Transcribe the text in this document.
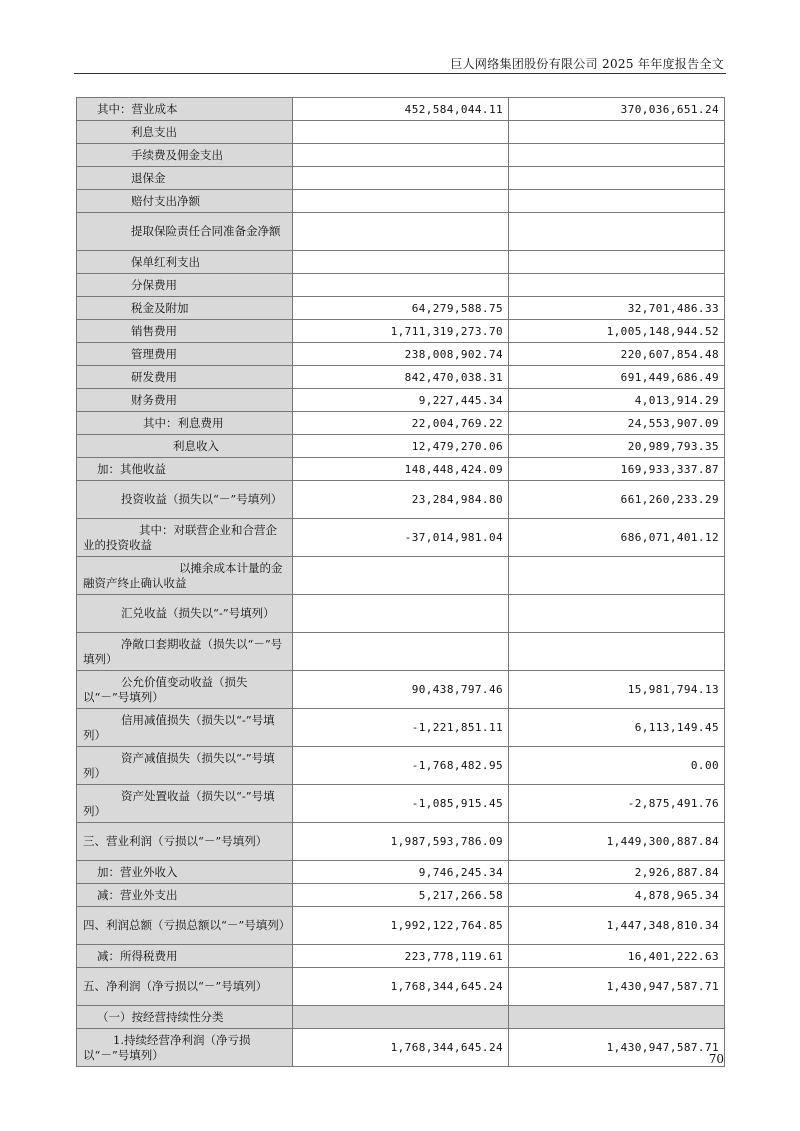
巨人网络集团股份有限公司 2025 年年度报告全文
其中：营业成本	452,584,044.11	370,036,651.24
利息支出		
手续费及佣金支出		
退保金		
赔付支出净额		
提取保险责任合同准备金净额		
保单红利支出		
分保费用		
税金及附加	64,279,588.75	32,701,486.33
销售费用	1,711,319,273.70	1,005,148,944.52
管理费用	238,008,902.74	220,607,854.48
研发费用	842,470,038.31	691,449,686.49
财务费用	9,227,445.34	4,013,914.29
其中：利息费用	22,004,769.22	24,553,907.09
利息收入	12,479,270.06	20,989,793.35
加：其他收益	148,448,424.09	169,933,337.87
投资收益（损失以“－”号填列）	23,284,984.80	661,260,233.29
其中：对联营企业和合营企业的投资收益	-37,014,981.04	686,071,401.12
以摊余成本计量的金融资产终止确认收益		
汇兑收益（损失以“-”号填列）		
净敞口套期收益（损失以“－”号填列）		
公允价值变动收益（损失以“－”号填列）	90,438,797.46	15,981,794.13
信用减值损失（损失以“-”号填列）	-1,221,851.11	6,113,149.45
资产减值损失（损失以“-”号填列）	-1,768,482.95	0.00
资产处置收益（损失以“-”号填列）	-1,085,915.45	-2,875,491.76
三、营业利润（亏损以“－”号填列）	1,987,593,786.09	1,449,300,887.84
加：营业外收入	9,746,245.34	2,926,887.84
减：营业外支出	5,217,266.58	4,878,965.34
四、利润总额（亏损总额以“－”号填列）	1,992,122,764.85	1,447,348,810.34
减：所得税费用	223,778,119.61	16,401,222.63
五、净利润（净亏损以“－”号填列）	1,768,344,645.24	1,430,947,587.71
（一）按经营持续性分类		
1.持续经营净利润（净亏损以“－”号填列）	1,768,344,645.24	1,430,947,587.71
70
